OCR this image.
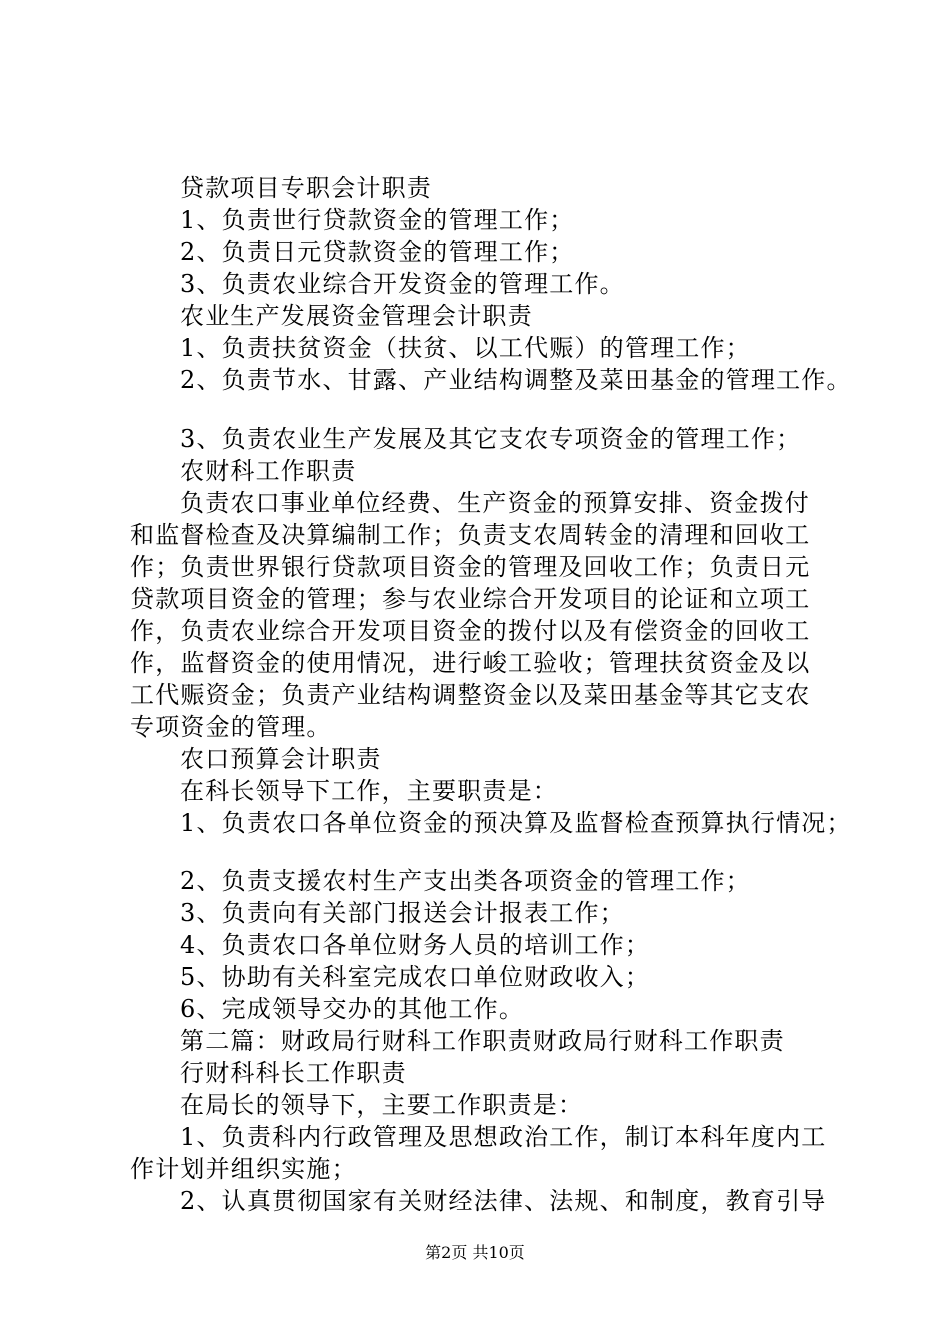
贷款项目专职会计职责
1、负责世行贷款资金的管理工作；
2、负责日元贷款资金的管理工作；
3、负责农业综合开发资金的管理工作。
农业生产发展资金管理会计职责
1、负责扶贫资金（扶贫、以工代赈）的管理工作；
2、负责节水、甘露、产业结构调整及菜田基金的管理工作。
3、负责农业生产发展及其它支农专项资金的管理工作；
农财科工作职责
负责农口事业单位经费、生产资金的预算安排、资金拨付
和监督检查及决算编制工作；负责支农周转金的清理和回收工
作；负责世界银行贷款项目资金的管理及回收工作；负责日元
贷款项目资金的管理；参与农业综合开发项目的论证和立项工
作，负责农业综合开发项目资金的拨付以及有偿资金的回收工
作，监督资金的使用情况，进行峻工验收；管理扶贫资金及以
工代赈资金；负责产业结构调整资金以及菜田基金等其它支农
专项资金的管理。
农口预算会计职责
在科长领导下工作，主要职责是：
1、负责农口各单位资金的预决算及监督检查预算执行情况；
2、负责支援农村生产支出类各项资金的管理工作；
3、负责向有关部门报送会计报表工作；
4、负责农口各单位财务人员的培训工作；
5、协助有关科室完成农口单位财政收入；
6、完成领导交办的其他工作。
第二篇：财政局行财科工作职责财政局行财科工作职责
行财科科长工作职责
在局长的领导下，主要工作职责是：
1、负责科内行政管理及思想政治工作，制订本科年度内工
作计划并组织实施；
2、认真贯彻国家有关财经法律、法规、和制度，教育引导
第2页 共10页
